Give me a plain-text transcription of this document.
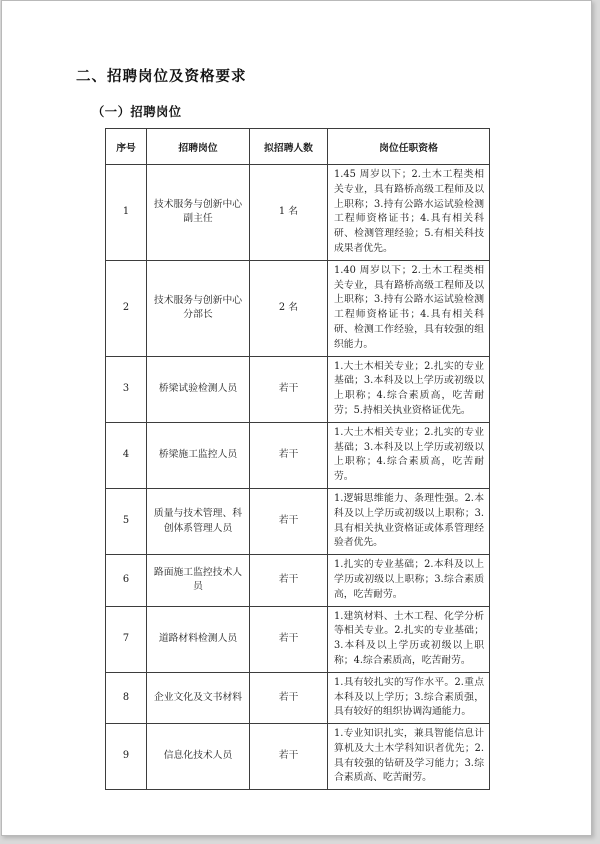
二、招聘岗位及资格要求
（一）招聘岗位
序号	招聘岗位	拟招聘人数	岗位任职资格
1	技术服务与创新中心副主任	1 名	1.45 周岁以下；2.土木工程类相关专业，具有路桥高级工程师及以上职称；3.持有公路水运试验检测工程师资格证书；4.具有相关科研、检测管理经验；5.有相关科技成果者优先。
2	技术服务与创新中心分部长	2 名	1.40 周岁以下；2.土木工程类相关专业，具有路桥高级工程师及以上职称；3.持有公路水运试验检测工程师资格证书；4.具有相关科研、检测工作经验，具有较强的组织能力。
3	桥梁试验检测人员	若干	1.大土木相关专业；2.扎实的专业基础；3.本科及以上学历或初级以上职称；4.综合素质高，吃苦耐劳；5.持相关执业资格证优先。
4	桥梁施工监控人员	若干	1.大土木相关专业；2.扎实的专业基础；3.本科及以上学历或初级以上职称；4.综合素质高，吃苦耐劳。
5	质量与技术管理、科创体系管理人员	若干	1.逻辑思维能力、条理性强。2.本科及以上学历或初级以上职称；3.具有相关执业资格证或体系管理经验者优先。
6	路面施工监控技术人员	若干	1.扎实的专业基础；2.本科及以上学历或初级以上职称；3.综合素质高，吃苦耐劳。
7	道路材料检测人员	若干	1.建筑材料、土木工程、化学分析等相关专业。2.扎实的专业基础；3.本科及以上学历或初级以上职称；4.综合素质高，吃苦耐劳。
8	企业文化及文书材料	若干	1.具有较扎实的写作水平。2.重点本科及以上学历；3.综合素质强，具有较好的组织协调沟通能力。
9	信息化技术人员	若干	1.专业知识扎实，兼具智能信息计算机及大土木学科知识者优先；2.具有较强的钻研及学习能力；3.综合素质高、吃苦耐劳。
